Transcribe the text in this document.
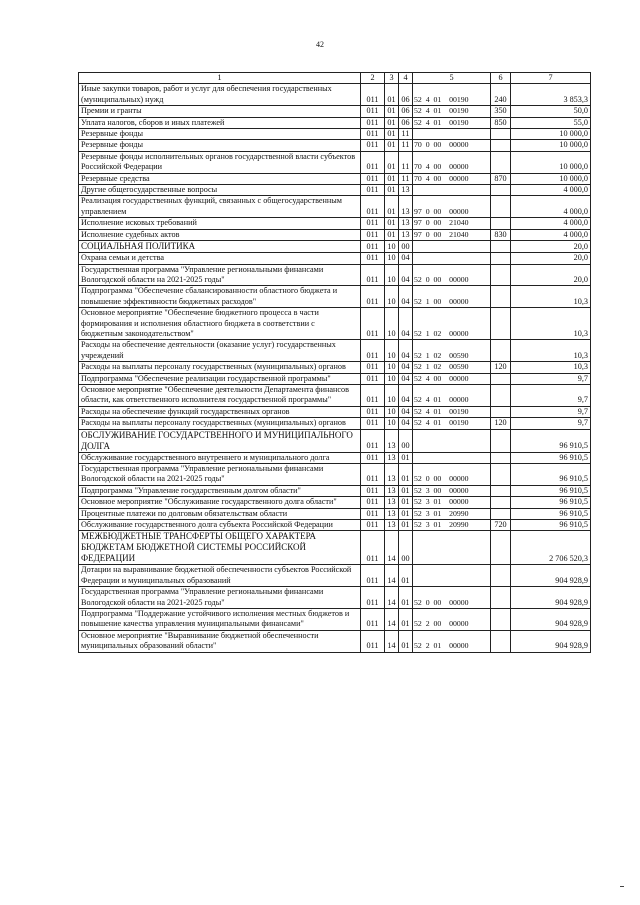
42
1	2	3	4	5	6	7
Иные закупки товаров, работ и услуг для обеспечения государственных (муниципальных) нужд	011	01	06	52  4  01    00190	240	3 853,3
Премии и гранты	011	01	06	52  4  01    00190	350	50,0
Уплата налогов, сборов и иных платежей	011	01	06	52  4  01    00190	850	55,0
Резервные фонды	011	01	11			10 000,0
Резервные фонды	011	01	11	70  0  00    00000		10 000,0
Резервные фонды исполнительных органов государственной власти субъектов Российской Федерации	011	01	11	70  4  00    00000		10 000,0
Резервные средства	011	01	11	70  4  00    00000	870	10 000,0
Другие общегосударственные вопросы	011	01	13			4 000,0
Реализация государственных функций, связанных с общегосударственным управлением	011	01	13	97  0  00    00000		4 000,0
Исполнение исковых требований	011	01	13	97  0  00    21040		4 000,0
Исполнение судебных актов	011	01	13	97  0  00    21040	830	4 000,0
СОЦИАЛЬНАЯ ПОЛИТИКА	011	10	00			20,0
Охрана семьи и детства	011	10	04			20,0
Государственная программа "Управление региональными финансами Вологодской области на 2021-2025 годы"	011	10	04	52  0  00    00000		20,0
Подпрограмма "Обеспечение сбалансированности областного бюджета и повышение эффективности бюджетных расходов"	011	10	04	52  1  00    00000		10,3
Основное мероприятие "Обеспечение бюджетного процесса в части формирования и исполнения областного бюджета в соответствии с бюджетным законодательством"	011	10	04	52  1  02    00000		10,3
Расходы на обеспечение деятельности (оказание услуг) государственных учреждений	011	10	04	52  1  02    00590		10,3
Расходы на выплаты персоналу государственных (муниципальных) органов	011	10	04	52  1  02    00590	120	10,3
Подпрограмма "Обеспечение реализации государственной программы"	011	10	04	52  4  00    00000		9,7
Основное мероприятие "Обеспечение деятельности Департамента финансов области, как ответственного исполнителя государственной программы"	011	10	04	52  4  01    00000		9,7
Расходы на обеспечение функций государственных органов	011	10	04	52  4  01    00190		9,7
Расходы на выплаты персоналу государственных (муниципальных) органов	011	10	04	52  4  01    00190	120	9,7
ОБСЛУЖИВАНИЕ ГОСУДАРСТВЕННОГО И МУНИЦИПАЛЬНОГО ДОЛГА	011	13	00			96 910,5
Обслуживание государственного внутреннего и муниципального долга	011	13	01			96 910,5
Государственная программа "Управление региональными финансами Вологодской области на 2021-2025 годы"	011	13	01	52  0  00    00000		96 910,5
Подпрограмма "Управление государственным долгом области"	011	13	01	52  3  00    00000		96 910,5
Основное мероприятие "Обслуживание государственного долга области"	011	13	01	52  3  01    00000		96 910,5
Процентные платежи по долговым обязательствам области	011	13	01	52  3  01    20990		96 910,5
Обслуживание государственного долга субъекта Российской Федерации	011	13	01	52  3  01    20990	720	96 910,5
МЕЖБЮДЖЕТНЫЕ ТРАНСФЕРТЫ ОБЩЕГО ХАРАКТЕРА БЮДЖЕТАМ БЮДЖЕТНОЙ СИСТЕМЫ РОССИЙСКОЙ ФЕДЕРАЦИИ	011	14	00			2 706 520,3
Дотации на выравнивание бюджетной обеспеченности субъектов Российской Федерации и муниципальных образований	011	14	01			904 928,9
Государственная программа "Управление региональными финансами Вологодской области на 2021-2025 годы"	011	14	01	52  0  00    00000		904 928,9
Подпрограмма "Поддержание устойчивого исполнения местных бюджетов и повышение качества управления муниципальными финансами"	011	14	01	52  2  00    00000		904 928,9
Основное мероприятие "Выравнивание бюджетной обеспеченности муниципальных образований области"	011	14	01	52  2  01    00000		904 928,9
